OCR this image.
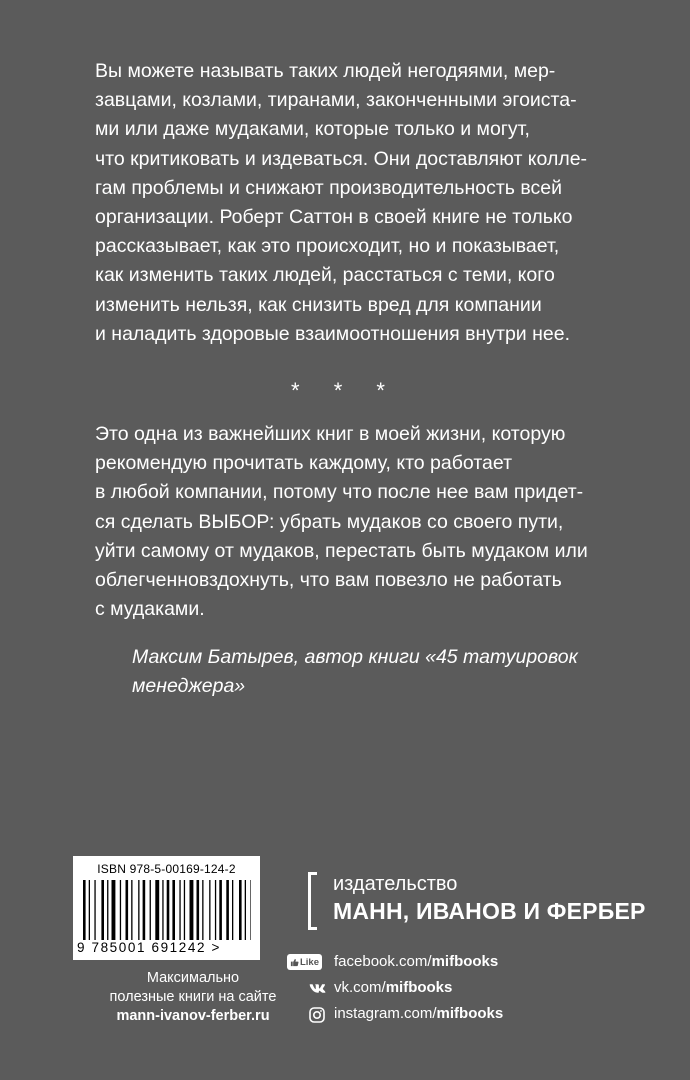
Вы можете называть таких людей негодяями, мер-
завцами, козлами, тиранами, законченными эгоиста-
ми или даже мудаками, которые только и могут,
что критиковать и издеваться. Они доставляют колле-
гам проблемы и снижают производительность всей
организации. Роберт Саттон в своей книге не только
рассказывает, как это происходит, но и показывает,
как изменить таких людей, расстаться с теми, кого
изменить нельзя, как снизить вред для компании
и наладить здоровые взаимоотношения внутри нее.
* * *
Это одна из важнейших книг в моей жизни, которую
рекомендую прочитать каждому, кто работает
в любой компании, потому что после нее вам придет-
ся сделать ВЫБОР: убрать мудаков со своего пути,
уйти самому от мудаков, перестать быть мудаком или
облегченновздохнуть, что вам повезло не работать
с мудаками.
Максим Батырев, автор книги «45 татуировок
менеджера»
ISBN 978-5-00169-124-2
9 785001 691242 >
Максимально
полезные книги на сайте
mann-ivanov-ferber.ru
издательство
МАНН, ИВАНОВ И ФЕРБЕР
Like facebook.com/mifbooks
vk.com/mifbooks
instagram.com/mifbooks
